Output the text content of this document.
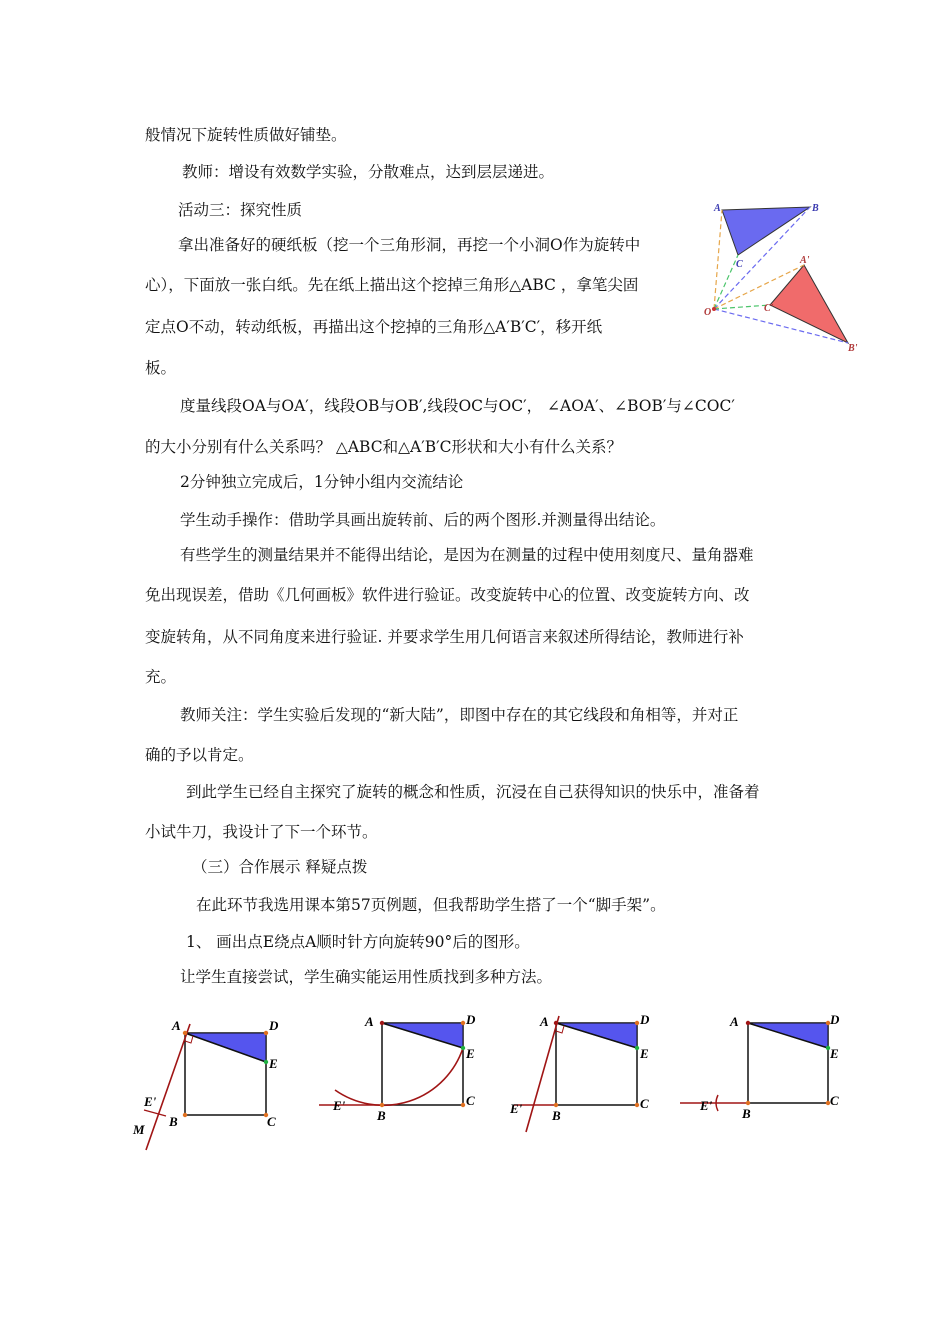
般情况下旋转性质做好铺垫。
教师：增设有效数学实验，分散难点，达到层层递进。
活动三：探究性质
拿出准备好的硬纸板（挖一个三角形洞，再挖一个小洞O作为旋转中
心），下面放一张白纸。先在纸上描出这个挖掉三角形△ABC ，拿笔尖固
定点O不动，转动纸板，再描出这个挖掉的三角形△A′B′C′，移开纸
板。
度量线段OA与OA′，线段OB与OB′,线段OC与OC′， ∠AOA′、∠BOB′与∠COC′
的大小分别有什么关系吗？ △ABC和△A′B′C形状和大小有什么关系？
2分钟独立完成后，1分钟小组内交流结论
学生动手操作：借助学具画出旋转前、后的两个图形.并测量得出结论。
有些学生的测量结果并不能得出结论，是因为在测量的过程中使用刻度尺、量角器难
免出现误差，借助《几何画板》软件进行验证。改变旋转中心的位置、改变旋转方向、改
变旋转角，从不同角度来进行验证. 并要求学生用几何语言来叙述所得结论，教师进行补
充。
教师关注：学生实验后发现的“新大陆”，即图中存在的其它线段和角相等，并对正
确的予以肯定。
到此学生已经自主探究了旋转的概念和性质，沉浸在自己获得知识的快乐中，准备着
小试牛刀，我设计了下一个环节。
（三）合作展示 释疑点拨
在此环节我选用课本第57页例题，但我帮助学生搭了一个“脚手架”。
1、 画出点E绕点A顺时针方向旋转90°后的图形。
让学生直接尝试，学生确实能运用性质找到多种方法。
A	B
C	A'
B'
C'
O
A	D
E
B	C
E'
M
A	D
E
B
C
E'
A	D
E
B
C
E'
A	D
E
B
C
E'
